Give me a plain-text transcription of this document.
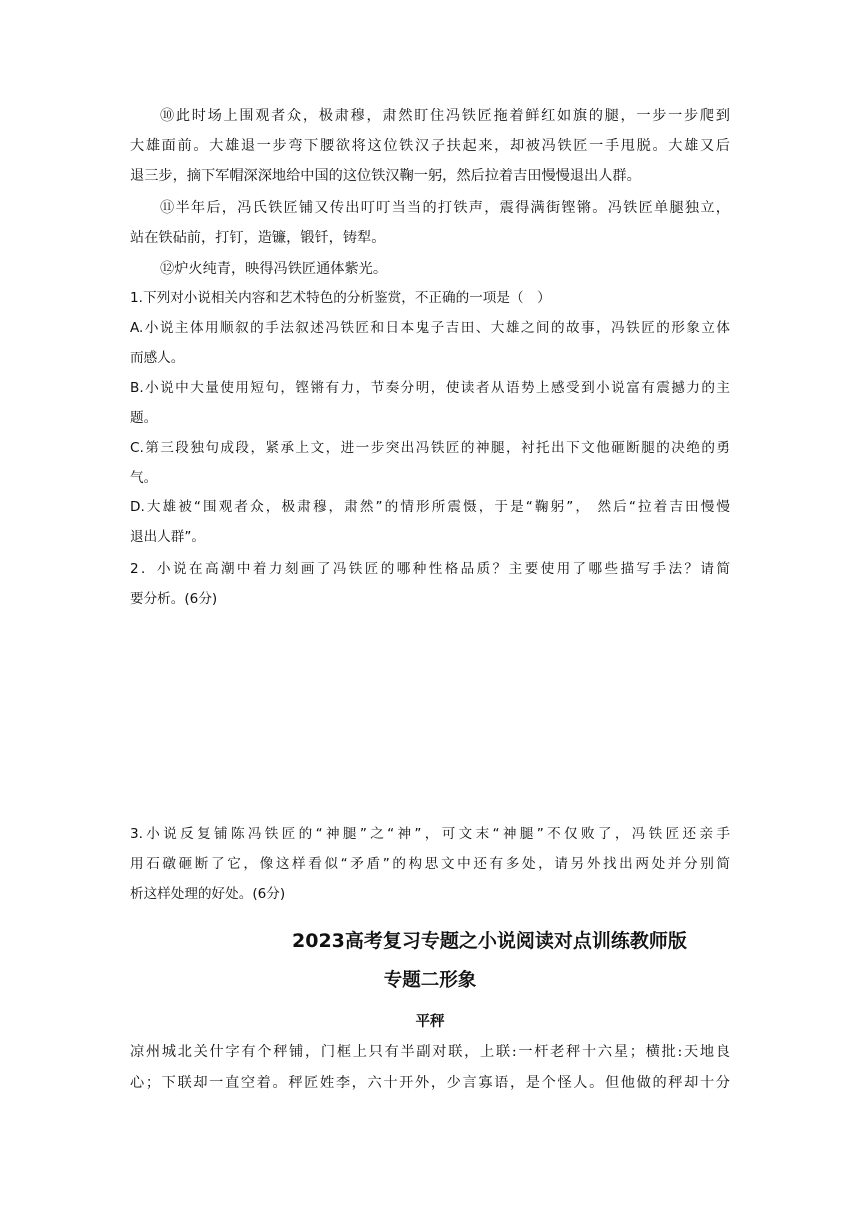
⑩此时场上围观者众，极肃穆，肃然盯住冯铁匠拖着鲜红如旗的腿，一步一步爬到
大雄面前。大雄退一步弯下腰欲将这位铁汉子扶起来，却被冯铁匠一手甩脱。大雄又后
退三步，摘下军帽深深地给中国的这位铁汉鞠一躬，然后拉着吉田慢慢退出人群。
⑪半年后，冯氏铁匠铺又传出叮叮当当的打铁声，震得满街铿锵。冯铁匠单腿独立，
站在铁砧前，打钉，造镰，锻钎，铸犁。
⑫炉火纯青，映得冯铁匠通体紫光。
1.下列对小说相关内容和艺术特色的分析鉴赏，不正确的一项是（　）
A.小说主体用顺叙的手法叙述冯铁匠和日本鬼子吉田、大雄之间的故事，冯铁匠的形象立体
而感人。
B.小说中大量使用短句，铿锵有力，节奏分明，使读者从语势上感受到小说富有震撼力的主
题。
C.第三段独句成段，紧承上文，进一步突出冯铁匠的神腿，衬托出下文他砸断腿的决绝的勇
气。
D.大雄被“围观者众，极肃穆，肃然”的情形所震慑，于是“鞠躬”， 然后“拉着吉田慢慢
退出人群”。
2．小说在高潮中着力刻画了冯铁匠的哪种性格品质？主要使用了哪些描写手法？请简
要分析。(6分)
3.小说反复铺陈冯铁匠的“神腿”之“神”，可文末“神腿”不仅败了，冯铁匠还亲手
用石礅砸断了它，像这样看似“矛盾”的构思文中还有多处，请另外找出两处并分别简
析这样处理的好处。(6分)
2023高考复习专题之小说阅读对点训练教师版
专题二形象
平秤
凉州城北关什字有个秤铺，门框上只有半副对联，上联:一杆老秤十六星；横批:天地良
心；下联却一直空着。秤匠姓李，六十开外，少言寡语，是个怪人。但他做的秤却十分
